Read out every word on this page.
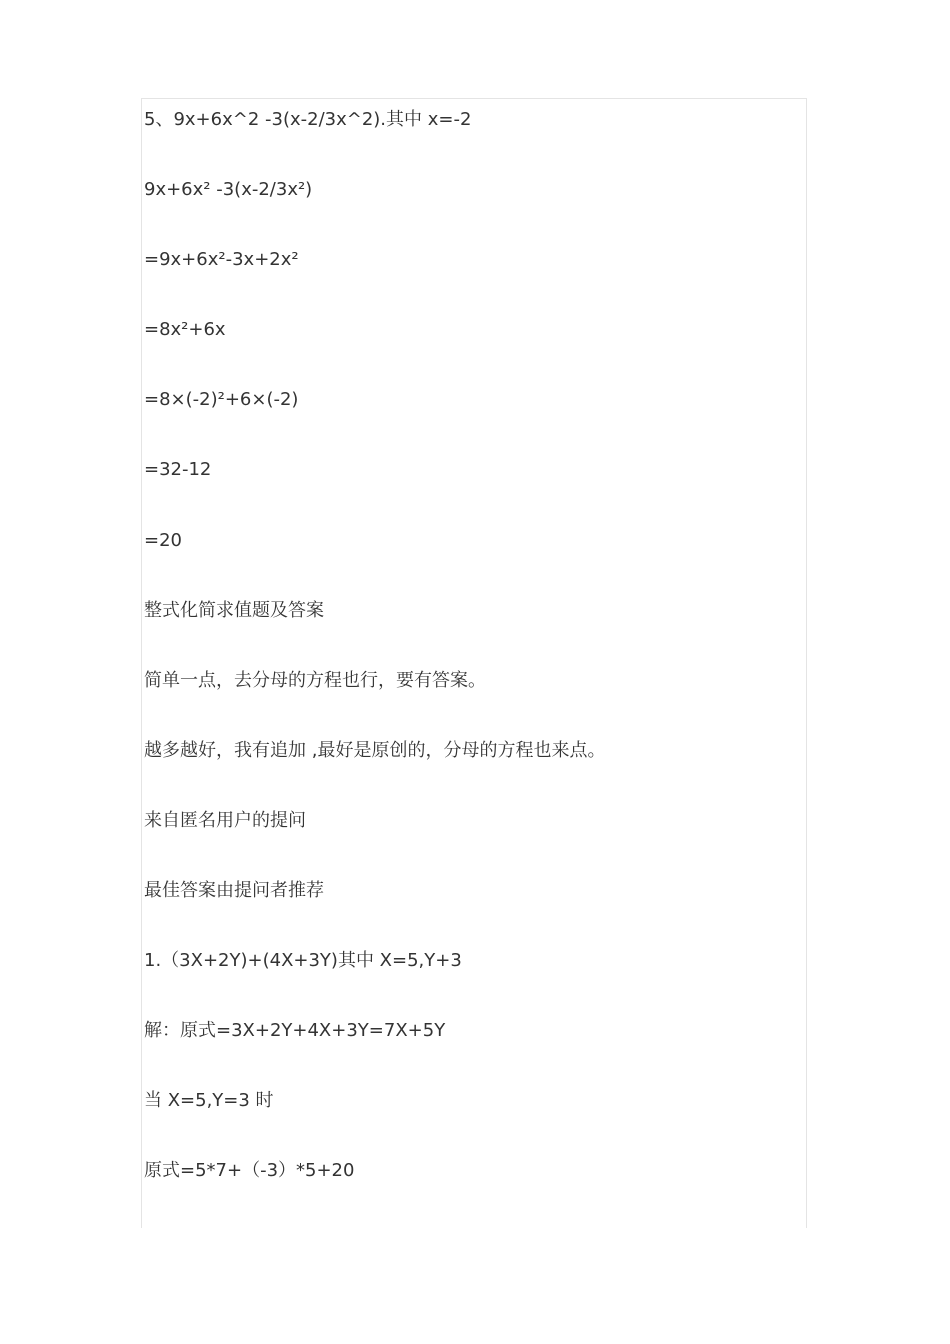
5、9x+6x^2 -3(x-2/3x^2).其中 x=-2
9x+6x² -3(x-2/3x²)
=9x+6x²-3x+2x²
=8x²+6x
=8×(-2)²+6×(-2)
=32-12
=20
整式化简求值题及答案
简单一点，去分母的方程也行，要有答案。
越多越好，我有追加 ,最好是原创的，分母的方程也来点。
来自匿名用户的提问
最佳答案由提问者推荐
1.（3X+2Y)+(4X+3Y)其中 X=5,Y+3
解：原式=3X+2Y+4X+3Y=7X+5Y
当 X=5,Y=3 时
原式=5*7+（-3）*5+20
